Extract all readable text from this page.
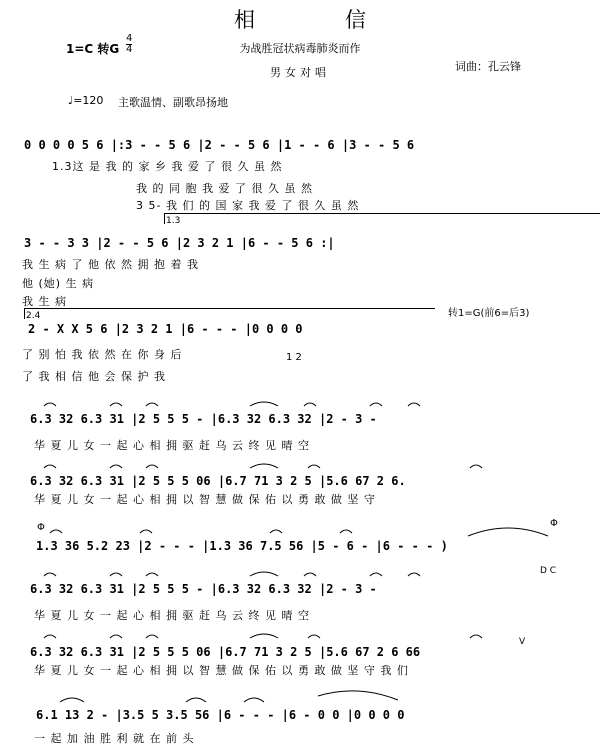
相信
1=C 转G $\frac{4}{4}$	为战胜冠状病毒肺炎而作
男女对唱	词曲：孔云锋
♩=120 主歌温情、副歌昂扬地
0 0 0 0 5 6 |:3 - - 5 6 |2 - - 5 6 |1 - - 6 |3 - - 5 6
1.3这 是 我 的 家 乡 我 爱 了 很 久 虽 然
我 的 同 胞 我 爱 了 很 久 虽 然
3 5- 我 们 的 国 家 我 爱 了 很 久 虽 然
3 - - 3 3 |2 - - 5 6 |2 3 2 1 |6 - - 5 6 :|
我 生 病 了 他 依 然 拥 抱 着 我
他 (她) 生 病
我 生 病
2 - X X 5 6 |2 3 2 1 |6 - - - |0 0 0 0
了 别 怕 我 依 然 在 你 身 后
了 我 相 信 他 会 保 护 我
6.3 32 6.3 31 |2 5 5 5 - |6.3 32 6.3 32 |2 - 3 -
华 夏 儿 女 一 起 心 相 拥 驱 赶 乌 云 终 见 晴 空
6.3 32 6.3 31 |2 5 5 5 06 |6.7 71 3 2 5 |5.6 67 2 6.
华 夏 儿 女 一 起 心 相 拥 以 智 慧 做 保 佑 以 勇 敢 做 坚 守
1.3 36 5.2 23 |2 - - - |1.3 36 7.5 56 |5 - 6 - |6 - - - )
6.3 32 6.3 31 |2 5 5 5 - |6.3 32 6.3 32 |2 - 3 -
华 夏 儿 女 一 起 心 相 拥 驱 赶 乌 云 终 见 晴 空
6.3 32 6.3 31 |2 5 5 5 06 |6.7 71 3 2 5 |5.6 67 2 6 66
华 夏 儿 女 一 起 心 相 拥 以 智 慧 做 保 佑 以 勇 敢 做 坚 守 我 们
6.1 13 2 - |3.5 5 3.5 56 |6 - - - |6 - 0 0 |0 0 0 0
一 起 加 油 胜 利 就 在 前 头
1.3
2.4	转1=G(前6=后3)
1 2
Φ	Φ
D C
V
